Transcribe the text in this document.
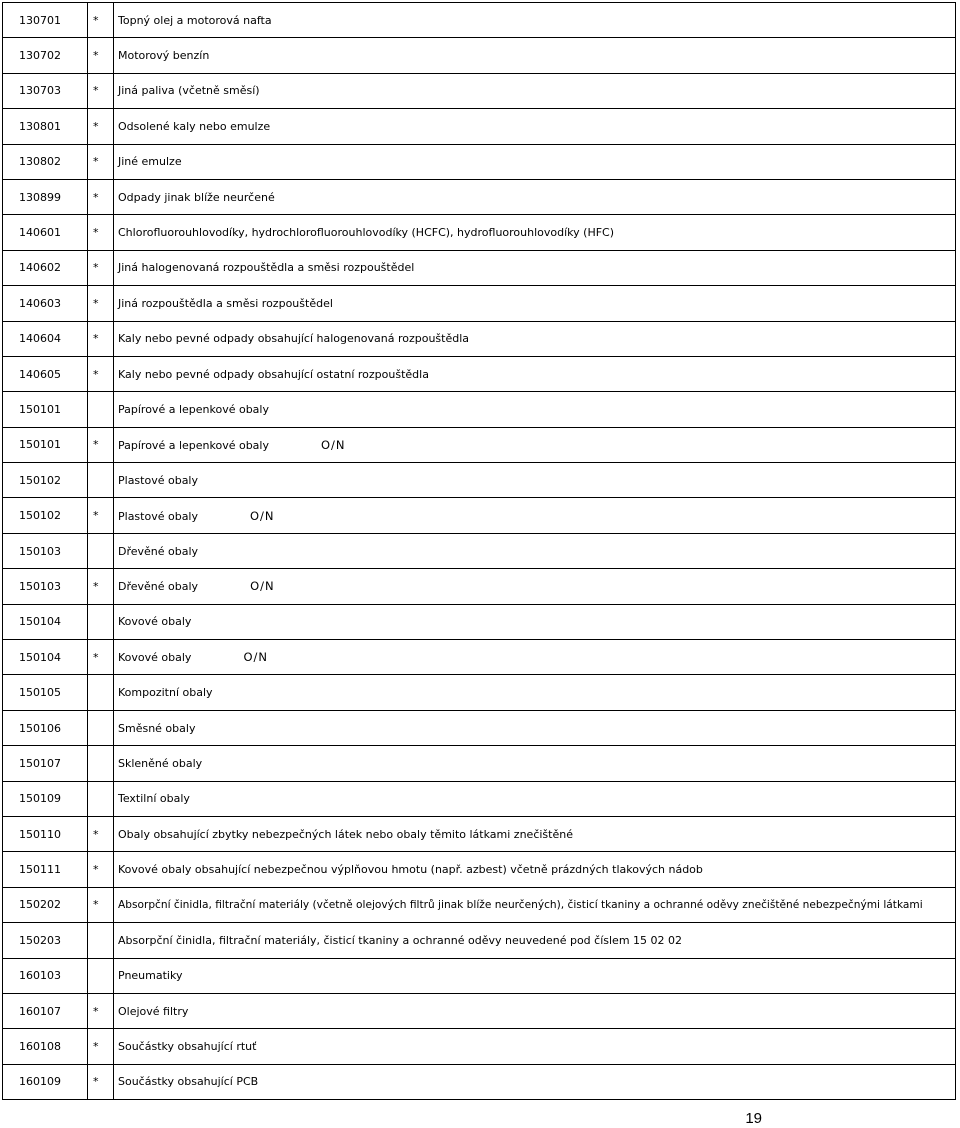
130701	*	Topný olej a motorová nafta
130702	*	Motorový benzín
130703	*	Jiná paliva (včetně směsí)
130801	*	Odsolené kaly nebo emulze
130802	*	Jiné emulze
130899	*	Odpady jinak blíže neurčené
140601	*	Chlorofluorouhlovodíky, hydrochlorofluorouhlovodíky (HCFC), hydrofluorouhlovodíky (HFC)
140602	*	Jiná halogenovaná rozpouštědla a směsi rozpouštědel
140603	*	Jiná rozpouštědla a směsi rozpouštědel
140604	*	Kaly nebo pevné odpady obsahující halogenovaná rozpouštědla
140605	*	Kaly nebo pevné odpady obsahující ostatní rozpouštědla
150101		Papírové a lepenkové obaly
150101	*	Papírové a lepenkové obaly O/N
150102		Plastové obaly
150102	*	Plastové obaly O/N
150103		Dřevěné obaly
150103	*	Dřevěné obaly O/N
150104		Kovové obaly
150104	*	Kovové obaly O/N
150105		Kompozitní obaly
150106		Směsné obaly
150107		Skleněné obaly
150109		Textilní obaly
150110	*	Obaly obsahující zbytky nebezpečných látek nebo obaly těmito látkami znečištěné
150111	*	Kovové obaly obsahující nebezpečnou výplňovou hmotu (např. azbest) včetně prázdných tlakových nádob
150202	*	Absorpční činidla, filtrační materiály (včetně olejových filtrů jinak blíže neurčených), čisticí tkaniny a ochranné oděvy znečištěné nebezpečnými látkami
150203		Absorpční činidla, filtrační materiály, čisticí tkaniny a ochranné oděvy neuvedené pod číslem 15 02 02
160103		Pneumatiky
160107	*	Olejové filtry
160108	*	Součástky obsahující rtuť
160109	*	Součástky obsahující PCB
19
